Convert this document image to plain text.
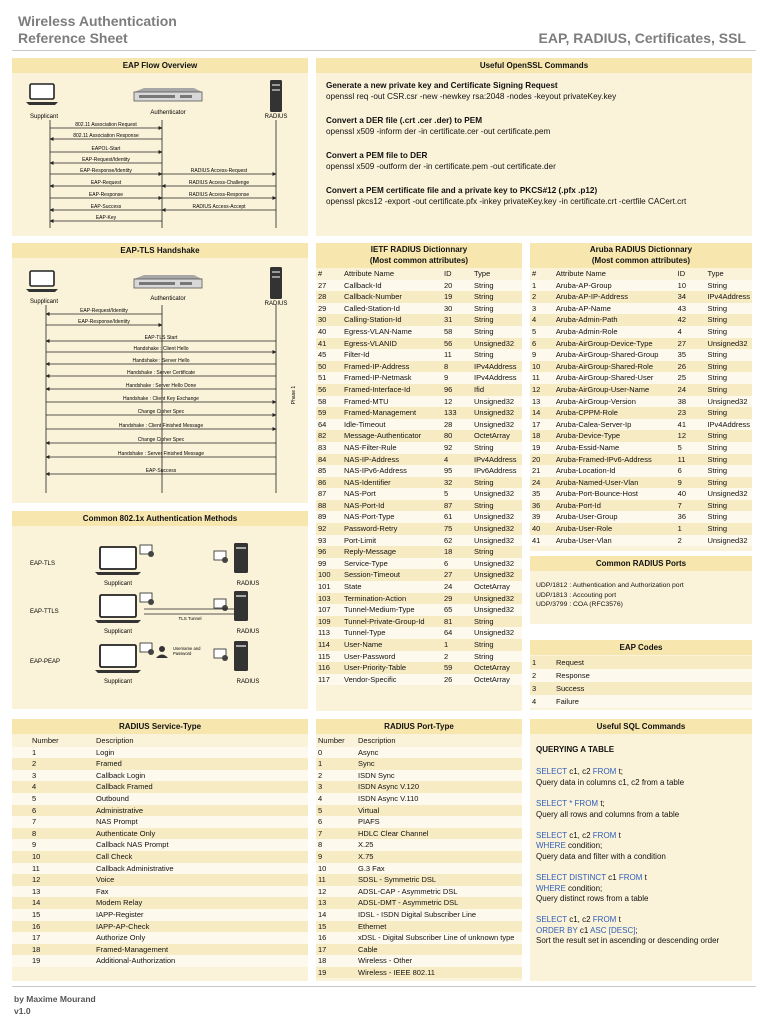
Wireless Authentication
Reference Sheet	EAP, RADIUS, Certificates, SSL
EAP Flow Overview
Supplicant
Authenticator
RADIUS
802.11 Association Request
802.11 Association Response
EAPOL-Start
EAP-Request/Identity
EAP-Response/Identity
EAP-Request
EAP-Response
EAP-Success
EAP-Key
RADIUS Access-Request
RADIUS Access-Challenge
RADIUS Access-Response
RADIUS Access-Accept
EAP-TLS Handshake
Supplicant	Authenticator
RADIUS
Phase 1
EAP-Request/Identity
EAP-Response/Identity
EAP-TLS Start
Handshake : Client Hello
Handshake : Server Hello
Handshake : Server Certificate
Handshake : Server Hello Done
Handshake : Client Key Exchange
Change Cipher Spec
Handshake : Client Finished Message
Change Cipher Spec
Handshake : Server Finished Message
EAP-Success
Common 802.1x Authentication Methods
EAP-TLS
Supplicant	RADIUS
EAP-TTLS
TLS Tunnel
Supplicant	RADIUS
EAP-PEAP
Username and Password
Supplicant	RADIUS
Useful OpenSSL Commands
Generate a new private key and Certificate Signing Request
openssl req -out CSR.csr -new -newkey rsa:2048 -nodes -keyout privateKey.key
Convert a DER file (.crt .cer .der) to PEM
openssl x509 -inform der -in certificate.cer -out certificate.pem
Convert a PEM file to DER
openssl x509 -outform der -in certificate.pem -out certificate.der
Convert a PEM certificate file and a private key to PKCS#12 (.pfx .p12)
openssl pkcs12 -export -out certificate.pfx -inkey privateKey.key -in certificate.crt -certfile CACert.crt
IETF RADIUS Dictionnary
(Most common attributes)
#	Attribute Name	ID	Type
27	Callback-Id	20	String
28	Callback-Number	19	String
29	Called-Station-Id	30	String
30	Calling-Station-Id	31	String
40	Egress-VLAN-Name	58	String
41	Egress-VLANID	56	Unsigned32
45	Filter-Id	11	String
50	Framed-IP-Address	8	IPv4Address
51	Framed-IP-Netmask	9	IPv4Address
56	Framed-Interface-Id	96	Ifid
58	Framed-MTU	12	Unsigned32
59	Framed-Management	133	Unsigned32
64	Idle-Timeout	28	Unsigned32
82	Message-Authenticator	80	OctetArray
83	NAS-Filter-Rule	92	String
84	NAS-IP-Address	4	IPv4Address
85	NAS-IPv6-Address	95	IPv6Address
86	NAS-Identifier	32	String
87	NAS-Port	5	Unsigned32
88	NAS-Port-Id	87	String
89	NAS-Port-Type	61	Unsigned32
92	Password-Retry	75	Unsigned32
93	Port-Limit	62	Unsigned32
96	Reply-Message	18	String
99	Service-Type	6	Unsigned32
100	Session-Timeout	27	Unsigned32
101	State	24	OctetArray
103	Termination-Action	29	Unsigned32
107	Tunnel-Medium-Type	65	Unsigned32
109	Tunnel-Private-Group-Id	81	String
113	Tunnel-Type	64	Unsigned32
114	User-Name	1	String
115	User-Password	2	String
116	User-Priority-Table	59	OctetArray
117	Vendor-Specific	26	OctetArray
Aruba RADIUS Dictionnary
(Most common attributes)
#	Attribute Name	ID	Type
1	Aruba-AP-Group	10	String
2	Aruba-AP-IP-Address	34	IPv4Address
3	Aruba-AP-Name	43	String
4	Aruba-Admin-Path	42	String
5	Aruba-Admin-Role	4	String
6	Aruba-AirGroup-Device-Type	27	Unsigned32
9	Aruba-AirGroup-Shared-Group	35	String
10	Aruba-AirGroup-Shared-Role	26	String
11	Aruba-AirGroup-Shared-User	25	String
12	Aruba-AirGroup-User-Name	24	String
13	Aruba-AirGroup-Version	38	Unsigned32
14	Aruba-CPPM-Role	23	String
17	Aruba-Calea-Server-Ip	41	IPv4Address
18	Aruba-Device-Type	12	String
19	Aruba-Essid-Name	5	String
20	Aruba-Framed-IPv6-Address	11	String
21	Aruba-Location-Id	6	String
24	Aruba-Named-User-Vlan	9	String
35	Aruba-Port-Bounce-Host	40	Unsigned32
36	Aruba-Port-Id	7	String
39	Aruba-User-Group	36	String
40	Aruba-User-Role	1	String
41	Aruba-User-Vlan	2	Unsigned32
Common RADIUS Ports
UDP/1812 : Authentication and Authorization port
UDP/1813 : Accouting port
UDP/3799 : COA (RFC3576)
EAP Codes
1	Request
2	Response
3	Success
4	Failure
RADIUS Service-Type
Number	Description
1	Login
2	Framed
3	Callback Login
4	Callback Framed
5	Outbound
6	Administrative
7	NAS Prompt
8	Authenticate Only
9	Callback NAS Prompt
10	Call Check
11	Callback Administrative
12	Voice
13	Fax
14	Modem Relay
15	IAPP-Register
16	IAPP-AP-Check
17	Authorize Only
18	Framed-Management
19	Additional-Authorization
RADIUS Port-Type
Number	Description
0	Async
1	Sync
2	ISDN Sync
3	ISDN Async V.120
4	ISDN Async V.110
5	Virtual
6	PIAFS
7	HDLC Clear Channel
8	X.25
9	X.75
10	G.3 Fax
11	SDSL - Symmetric DSL
12	ADSL-CAP - Asymmetric DSL
13	ADSL-DMT - Asymmetric DSL
14	IDSL - ISDN Digital Subscriber Line
15	Ethernet
16	xDSL - Digital Subscriber Line of unknown type
17	Cable
18	Wireless - Other
19	Wireless - IEEE 802.11
Useful SQL Commands
QUERYING A TABLE
SELECT c1, c2 FROM t;
Query data in columns c1, c2 from a table
SELECT * FROM t;
Query all rows and columns from a table
SELECT c1, c2 FROM t
WHERE condition;
Query data and filter with a condition
SELECT DISTINCT c1 FROM t
WHERE condition;
Query distinct rows from a table
SELECT c1, c2 FROM t
ORDER BY c1 ASC [DESC];
Sort the result set in ascending or descending order
by Maxime Mourand
v1.0
